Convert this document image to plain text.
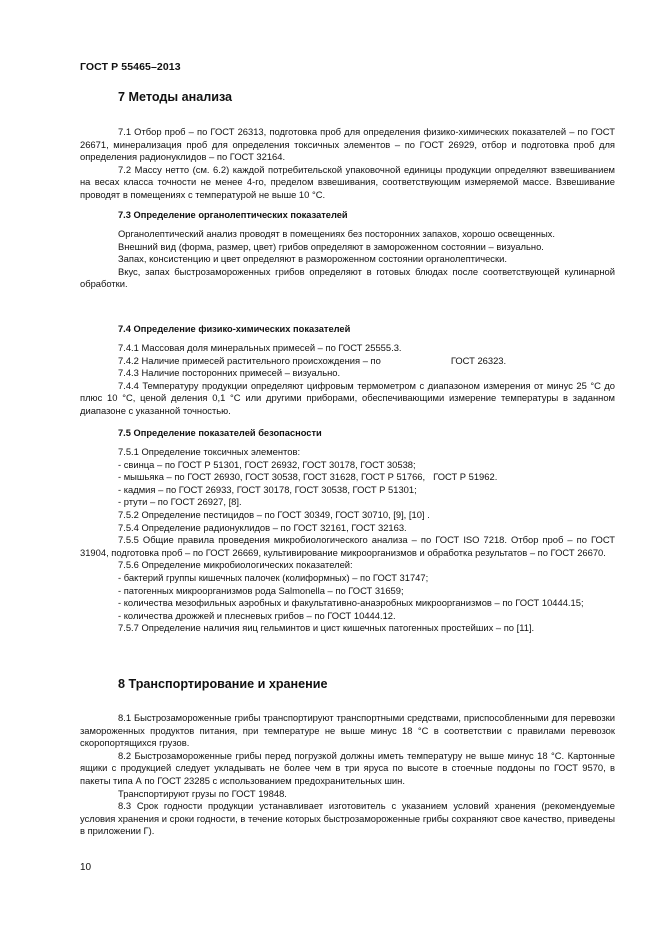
ГОСТ Р 55465–2013
7 Методы анализа

7.1 Отбор проб – по ГОСТ 26313, подготовка проб для определения физико-химических показателей – по ГОСТ 26671, минерализация проб для определения токсичных элементов – по ГОСТ 26929, отбор и подготовка проб для определения радионуклидов – по ГОСТ 32164.

7.2 Массу нетто (см. 6.2) каждой потребительской упаковочной единицы продукции определяют взвешиванием на весах класса точности не менее 4-го, пределом взвешивания, соответствующим измеряемой массе. Взвешивание проводят в помещениях с температурой не выше 10 °С.

7.3 Определение органолептических показателей

Органолептический анализ проводят в помещениях без посторонних запахов, хорошо освещенных.

Внешний вид (форма, размер, цвет) грибов определяют в замороженном состоянии – визуально.

Запах, консистенцию и цвет определяют в размороженном состоянии органолептически.

Вкус, запах быстрозамороженных грибов определяют в готовых блюдах после соответствующей кулинарной обработки.

7.4 Определение физико-химических показателей

7.4.1 Массовая доля минеральных примесей – по ГОСТ 25555.3.

7.4.2 Наличие примесей растительного происхождения – по	ГОСТ 26323.

7.4.3 Наличие посторонних примесей – визуально.

7.4.4 Температуру продукции определяют цифровым термометром с диапазоном измерения от минус 25 °С до плюс 10 °С, ценой деления 0,1 °С или другими приборами, обеспечивающими измерение температуры в заданном диапазоне с указанной точностью.

7.5 Определение показателей безопасности

7.5.1 Определение токсичных элементов:

- свинца – по ГОСТ Р 51301, ГОСТ 26932, ГОСТ 30178, ГОСТ 30538;

- мышьяка – по ГОСТ 26930, ГОСТ 30538, ГОСТ 31628, ГОСТ Р 51766, ГОСТ Р 51962.

- кадмия – по ГОСТ 26933, ГОСТ 30178, ГОСТ 30538, ГОСТ Р 51301;

- ртути – по ГОСТ 26927, [8].

7.5.2 Определение пестицидов – по ГОСТ 30349, ГОСТ 30710, [9], [10] .

7.5.4 Определение радионуклидов – по ГОСТ 32161, ГОСТ 32163.

7.5.5 Общие правила проведения микробиологического анализа – по ГОСТ ISO 7218. Отбор проб – по ГОСТ 31904, подготовка проб – по ГОСТ 26669, культивирование микроорганизмов и обработка результатов – по ГОСТ 26670.

7.5.6 Определение микробиологических показателей:

- бактерий группы кишечных палочек (колиформных) – по ГОСТ 31747;

- патогенных микроорганизмов рода Salmonella – по ГОСТ 31659;

- количества мезофильных аэробных и факультативно-анаэробных микроорганизмов – по ГОСТ 10444.15;

- количества дрожжей и плесневых грибов – по ГОСТ 10444.12.

7.5.7 Определение наличия яиц гельминтов и цист кишечных патогенных простейших – по [11].

8 Транспортирование и хранение

8.1 Быстрозамороженные грибы транспортируют транспортными средствами, приспособленными для перевозки замороженных продуктов питания, при температуре не выше минус 18 °С в соответствии с правилами перевозок скоропортящихся грузов.

8.2 Быстрозамороженные грибы перед погрузкой должны иметь температуру не выше минус 18 °С. Картонные ящики с продукцией следует укладывать не более чем в три яруса по высоте в стоечные поддоны по ГОСТ 9570, в пакеты типа А по ГОСТ 23285 с использованием предохранительных шин.

Транспортируют грузы по ГОСТ 19848.

8.3 Срок годности продукции устанавливает изготовитель с указанием условий хранения (рекомендуемые условия хранения и сроки годности, в течение которых быстрозамороженные грибы сохраняют свое качество, приведены в приложении Г).

10
